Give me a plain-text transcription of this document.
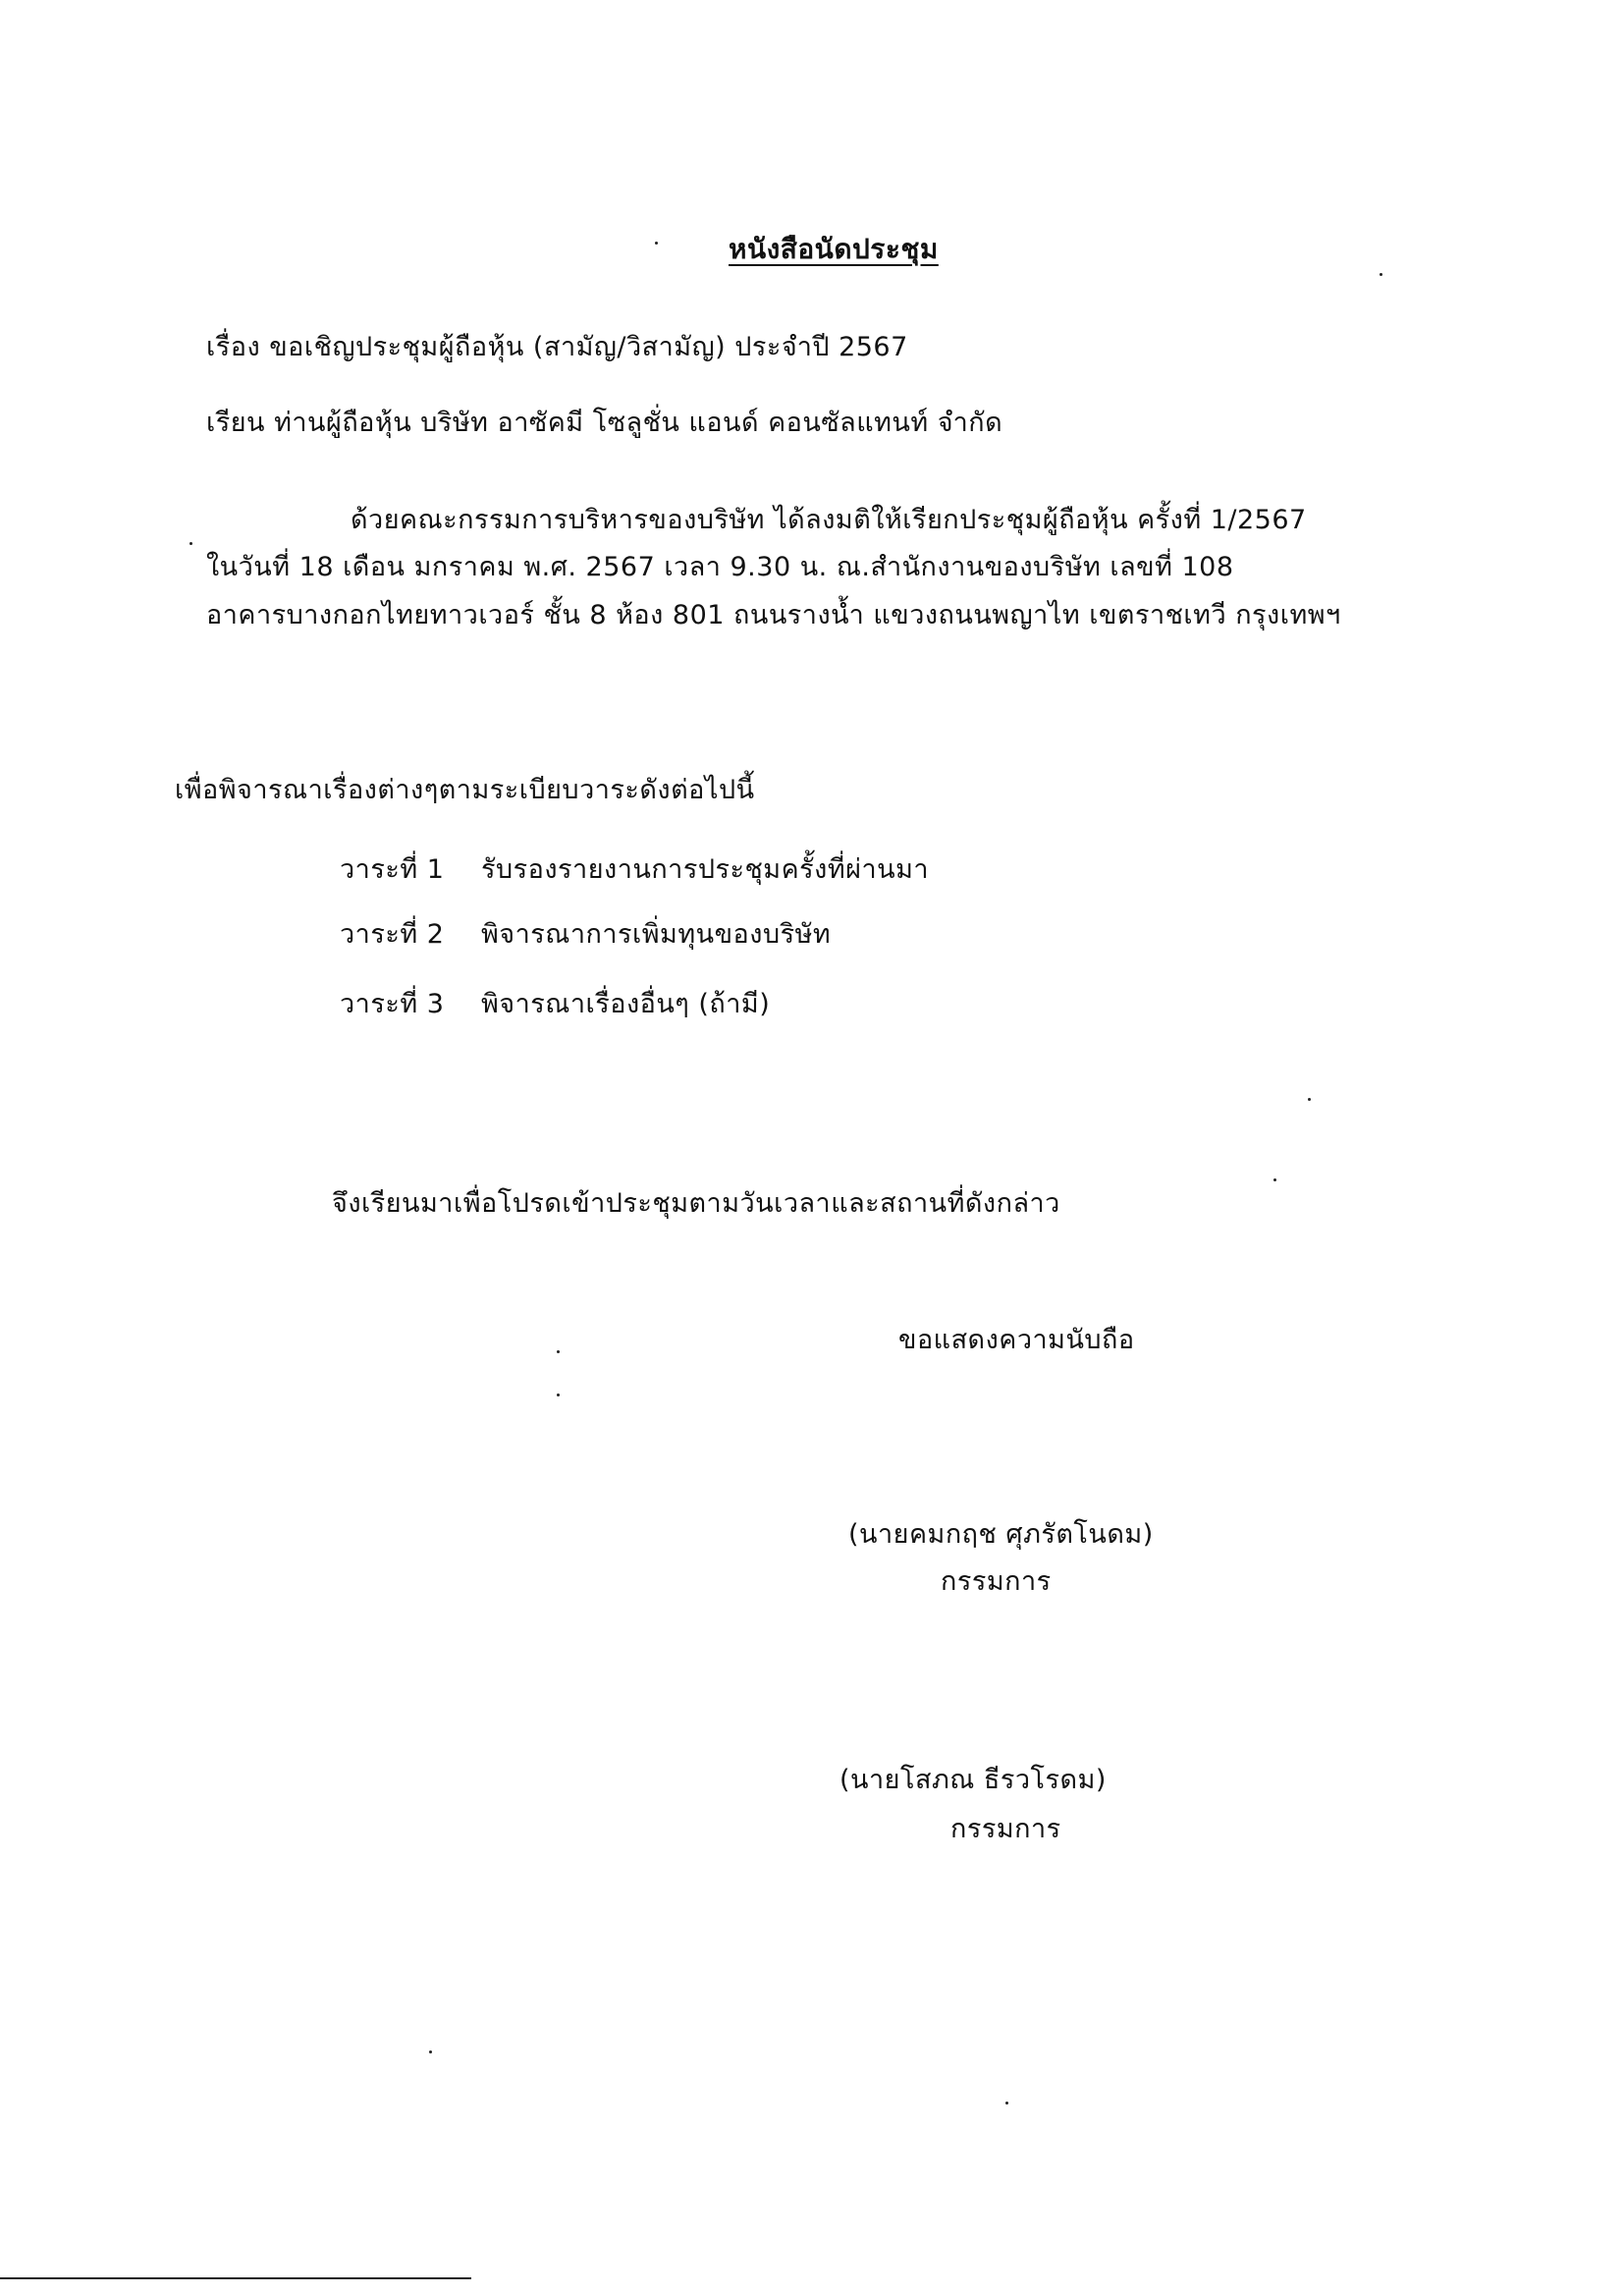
หนังสือนัดประชุม
เรื่อง ขอเชิญประชุมผู้ถือหุ้น (สามัญ/วิสามัญ) ประจำปี 2567
เรียน ท่านผู้ถือหุ้น บริษัท อาซัคมี โซลูชั่น แอนด์ คอนซัลแทนท์ จำกัด
ด้วยคณะกรรมการบริหารของบริษัท ได้ลงมติให้เรียกประชุมผู้ถือหุ้น ครั้งที่ 1/2567
ในวันที่ 18 เดือน มกราคม พ.ศ. 2567 เวลา 9.30 น. ณ.สำนักงานของบริษัท เลขที่ 108
อาคารบางกอกไทยทาวเวอร์ ชั้น 8 ห้อง 801 ถนนรางน้ำ แขวงถนนพญาไท เขตราชเทวี กรุงเทพฯ
เพื่อพิจารณาเรื่องต่างๆตามระเบียบวาระดังต่อไปนี้
วาระที่ 1 รับรองรายงานการประชุมครั้งที่ผ่านมา
วาระที่ 2 พิจารณาการเพิ่มทุนของบริษัท
วาระที่ 3 พิจารณาเรื่องอื่นๆ (ถ้ามี)
จึงเรียนมาเพื่อโปรดเข้าประชุมตามวันเวลาและสถานที่ดังกล่าว
ขอแสดงความนับถือ
(นายคมกฤช ศุภรัตโนดม)
กรรมการ
(นายโสภณ ธีรวโรดม)
กรรมการ
